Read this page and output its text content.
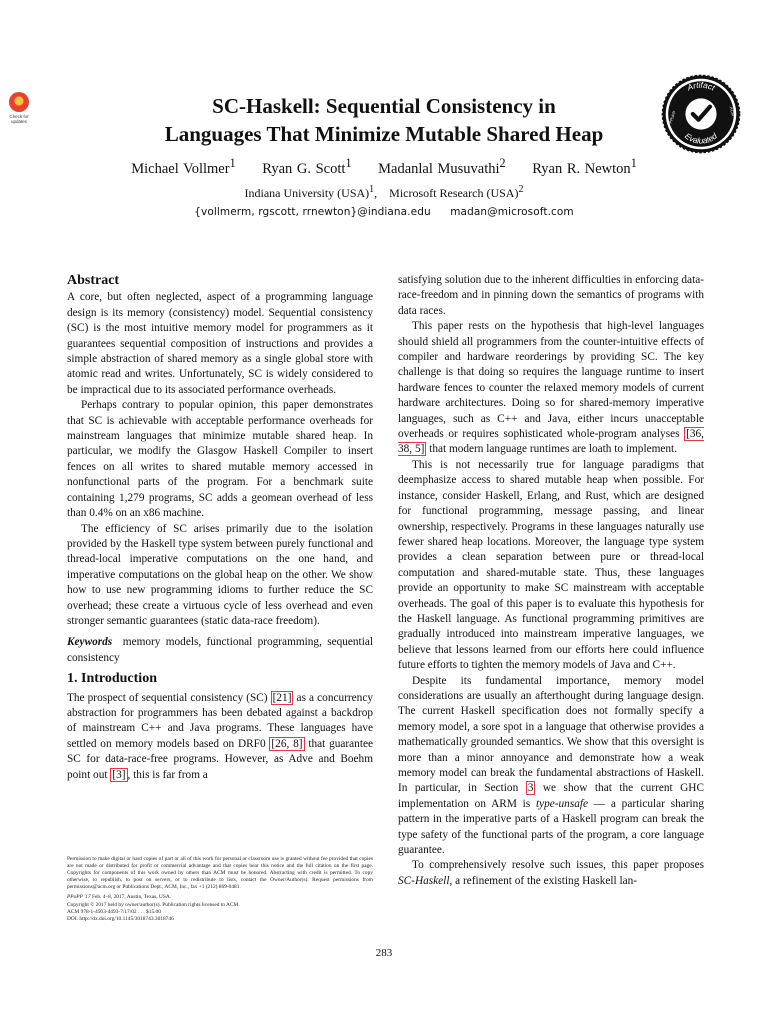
Check for updates
SC-Haskell: Sequential Consistency in
Languages That Minimize Mutable Shared Heap
Michael Vollmer$^1$ Ryan G. Scott$^1$ Madanlal Musuvathi$^2$ Ryan R. Newton$^1$
Indiana University (USA)$^1$, Microsoft Research (USA)$^2$
{vollmerm, rgscott, rrnewton}@indiana.edu madan@microsoft.com
Artifact
Evaluated
ACM
PPoPP
Abstract

A core, but often neglected, aspect of a programming language design is its memory (consistency) model. Sequential consistency (SC) is the most intuitive memory model for programmers as it guarantees sequential composition of instructions and provides a simple abstraction of shared memory as a single global store with atomic read and writes. Unfortunately, SC is widely considered to be impractical due to its associated performance overheads.

Perhaps contrary to popular opinion, this paper demonstrates that SC is achievable with acceptable performance overheads for mainstream languages that minimize mutable shared heap. In particular, we modify the Glasgow Haskell Compiler to insert fences on all writes to shared mutable memory accessed in nonfunctional parts of the program. For a benchmark suite containing 1,279 programs, SC adds a geomean overhead of less than 0.4% on an x86 machine.

The efficiency of SC arises primarily due to the isolation provided by the Haskell type system between purely functional and thread-local imperative computations on the one hand, and imperative computations on the global heap on the other. We show how to use new programming idioms to further reduce the SC overhead; these create a virtuous cycle of less overhead and even stronger semantic guarantees (static data-race freedom).

Keywords memory models, functional programming, sequential consistency

1. Introduction

The prospect of sequential consistency (SC) [21] as a concurrency abstraction for programmers has been debated against a backdrop of mainstream C++ and Java programs. These languages have settled on memory models based on DRF0 [26, 8] that guarantee SC for data-race-free programs. However, as Adve and Boehm point out [3] , this is far from a

satisfying solution due to the inherent difficulties in enforcing data-race-freedom and in pinning down the semantics of programs with data races.

This paper rests on the hypothesis that high-level languages should shield all programmers from the counter-intuitive effects of compiler and hardware reorderings by providing SC. The key challenge is that doing so requires the language runtime to insert hardware fences to counter the relaxed memory models of current hardware architectures. Doing so for shared-memory imperative languages, such as C++ and Java, either incurs unacceptable overheads or requires sophisticated whole-program analyses [36, 38, 5] that modern language runtimes are loath to implement.

This is not necessarily true for language paradigms that deemphasize access to shared mutable heap when possible. For instance, consider Haskell, Erlang, and Rust, which are designed for functional programming, message passing, and linear ownership, respectively. Programs in these languages naturally use fewer shared heap locations. Moreover, the language type system provides a clean separation between pure or thread-local computation and shared-mutable state. Thus, these languages provide an opportunity to make SC mainstream with acceptable overheads. The goal of this paper is to evaluate this hypothesis for the Haskell language. As functional programming primitives are gradually introduced into mainstream imperative languages, we believe that lessons learned from our efforts here could influence future efforts to tighten the memory models of Java and C++.

Despite its fundamental importance, memory model considerations are usually an afterthought during language design. The current Haskell specification does not formally specify a memory model, a sore spot in a language that otherwise provides a mathematically grounded semantics. We show that this oversight is more than a minor annoyance and demonstrate how a weak memory model can break the fundamental abstractions of Haskell. In particular, in Section 3 we show that the current GHC implementation on ARM is type-unsafe — a particular sharing pattern in the imperative parts of a Haskell program can break the type safety of the functional parts of the program, a core language guarantee.

To comprehensively resolve such issues, this paper proposes SC-Haskell, a refinement of the existing Haskell lan-

Permission to make digital or hard copies of part or all of this work for personal or classroom use is granted without fee provided that copies are not made or distributed for profit or commercial advantage and that copies bear this notice and the full citation on the first page. Copyrights for components of this work owned by others than ACM must be honored. Abstracting with credit is permitted. To copy otherwise, to republish, to post on servers, or to redistribute to lists, contact the Owner/Author(s). Request permissions from permissions@acm.org or Publications Dept., ACM, Inc., fax +1 (212) 869-0481.
PPoPP '17 Feb. 4–8, 2017, Austin, Texas, USA.
Copyright © 2017 held by owner/author(s). Publication rights licensed to ACM.
ACM 978-1-4503-4493-7/17/02 . . . $15.00
DOI: http://dx.doi.org/10.1145/3018743.3018746
283
